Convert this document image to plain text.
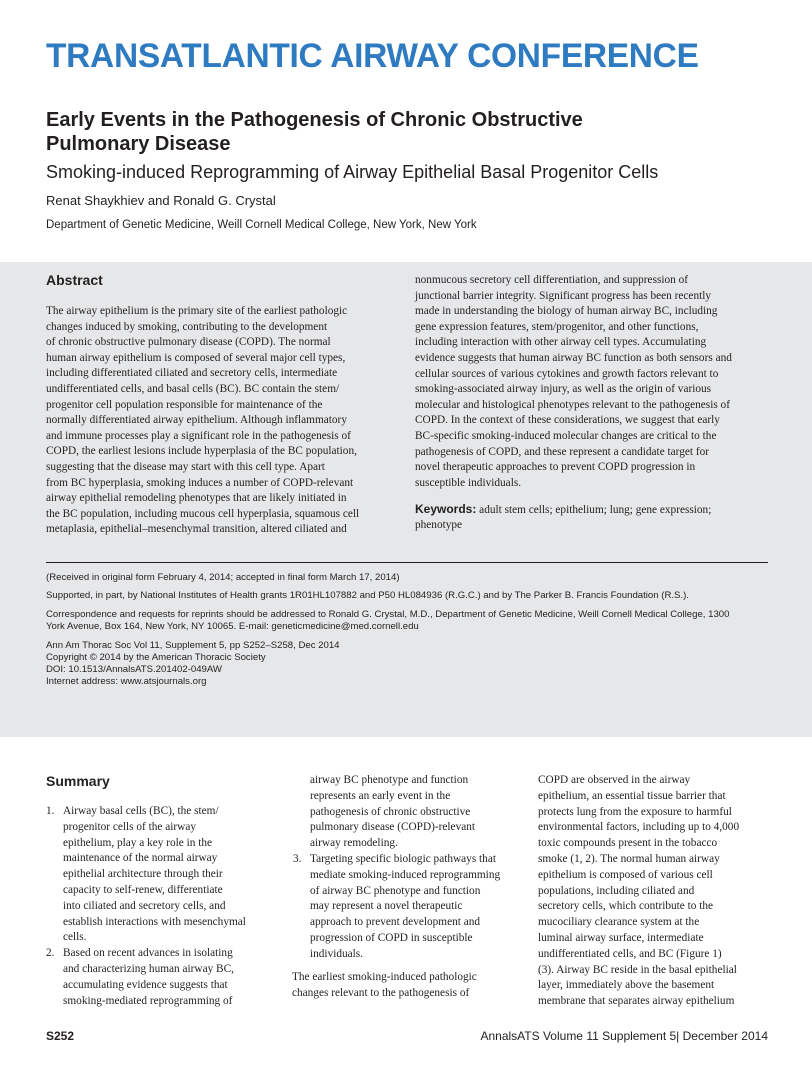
TRANSATLANTIC AIRWAY CONFERENCE
Early Events in the Pathogenesis of Chronic Obstructive
Pulmonary Disease
Smoking-induced Reprogramming of Airway Epithelial Basal Progenitor Cells
Renat Shaykhiev and Ronald G. Crystal
Department of Genetic Medicine, Weill Cornell Medical College, New York, New York
Abstract
The airway epithelium is the primary site of the earliest pathologic
changes induced by smoking, contributing to the development
of chronic obstructive pulmonary disease (COPD). The normal
human airway epithelium is composed of several major cell types,
including differentiated ciliated and secretory cells, intermediate
undifferentiated cells, and basal cells (BC). BC contain the stem/
progenitor cell population responsible for maintenance of the
normally differentiated airway epithelium. Although inflammatory
and immune processes play a significant role in the pathogenesis of
COPD, the earliest lesions include hyperplasia of the BC population,
suggesting that the disease may start with this cell type. Apart
from BC hyperplasia, smoking induces a number of COPD-relevant
airway epithelial remodeling phenotypes that are likely initiated in
the BC population, including mucous cell hyperplasia, squamous cell
metaplasia, epithelial–mesenchymal transition, altered ciliated and
nonmucous secretory cell differentiation, and suppression of
junctional barrier integrity. Significant progress has been recently
made in understanding the biology of human airway BC, including
gene expression features, stem/progenitor, and other functions,
including interaction with other airway cell types. Accumulating
evidence suggests that human airway BC function as both sensors and
cellular sources of various cytokines and growth factors relevant to
smoking-associated airway injury, as well as the origin of various
molecular and histological phenotypes relevant to the pathogenesis of
COPD. In the context of these considerations, we suggest that early
BC-specific smoking-induced molecular changes are critical to the
pathogenesis of COPD, and these represent a candidate target for
novel therapeutic approaches to prevent COPD progression in
susceptible individuals.
Keywords: adult stem cells; epithelium; lung; gene expression;
phenotype
(Received in original form February 4, 2014; accepted in final form March 17, 2014)
Supported, in part, by National Institutes of Health grants 1R01HL107882 and P50 HL084936 (R.G.C.) and by The Parker B. Francis Foundation (R.S.).
Correspondence and requests for reprints should be addressed to Ronald G. Crystal, M.D., Department of Genetic Medicine, Weill Cornell Medical College, 1300
York Avenue, Box 164, New York, NY 10065. E-mail: geneticmedicine@med.cornell.edu
Ann Am Thorac Soc Vol 11, Supplement 5, pp S252–S258, Dec 2014
Copyright © 2014 by the American Thoracic Society
DOI: 10.1513/AnnalsATS.201402-049AW
Internet address: www.atsjournals.org
Summary
1. Airway basal cells (BC), the stem/
progenitor cells of the airway
epithelium, play a key role in the
maintenance of the normal airway
epithelial architecture through their
capacity to self-renew, differentiate
into ciliated and secretory cells, and
establish interactions with mesenchymal
cells.
2. Based on recent advances in isolating
and characterizing human airway BC,
accumulating evidence suggests that
smoking-mediated reprogramming of
airway BC phenotype and function
represents an early event in the
pathogenesis of chronic obstructive
pulmonary disease (COPD)-relevant
airway remodeling.
3. Targeting specific biologic pathways that
mediate smoking-induced reprogramming
of airway BC phenotype and function
may represent a novel therapeutic
approach to prevent development and
progression of COPD in susceptible
individuals.
The earliest smoking-induced pathologic
changes relevant to the pathogenesis of
COPD are observed in the airway
epithelium, an essential tissue barrier that
protects lung from the exposure to harmful
environmental factors, including up to 4,000
toxic compounds present in the tobacco
smoke (1, 2). The normal human airway
epithelium is composed of various cell
populations, including ciliated and
secretory cells, which contribute to the
mucociliary clearance system at the
luminal airway surface, intermediate
undifferentiated cells, and BC (Figure 1)
(3). Airway BC reside in the basal epithelial
layer, immediately above the basement
membrane that separates airway epithelium
S252	AnnalsATS Volume 11 Supplement 5| December 2014
